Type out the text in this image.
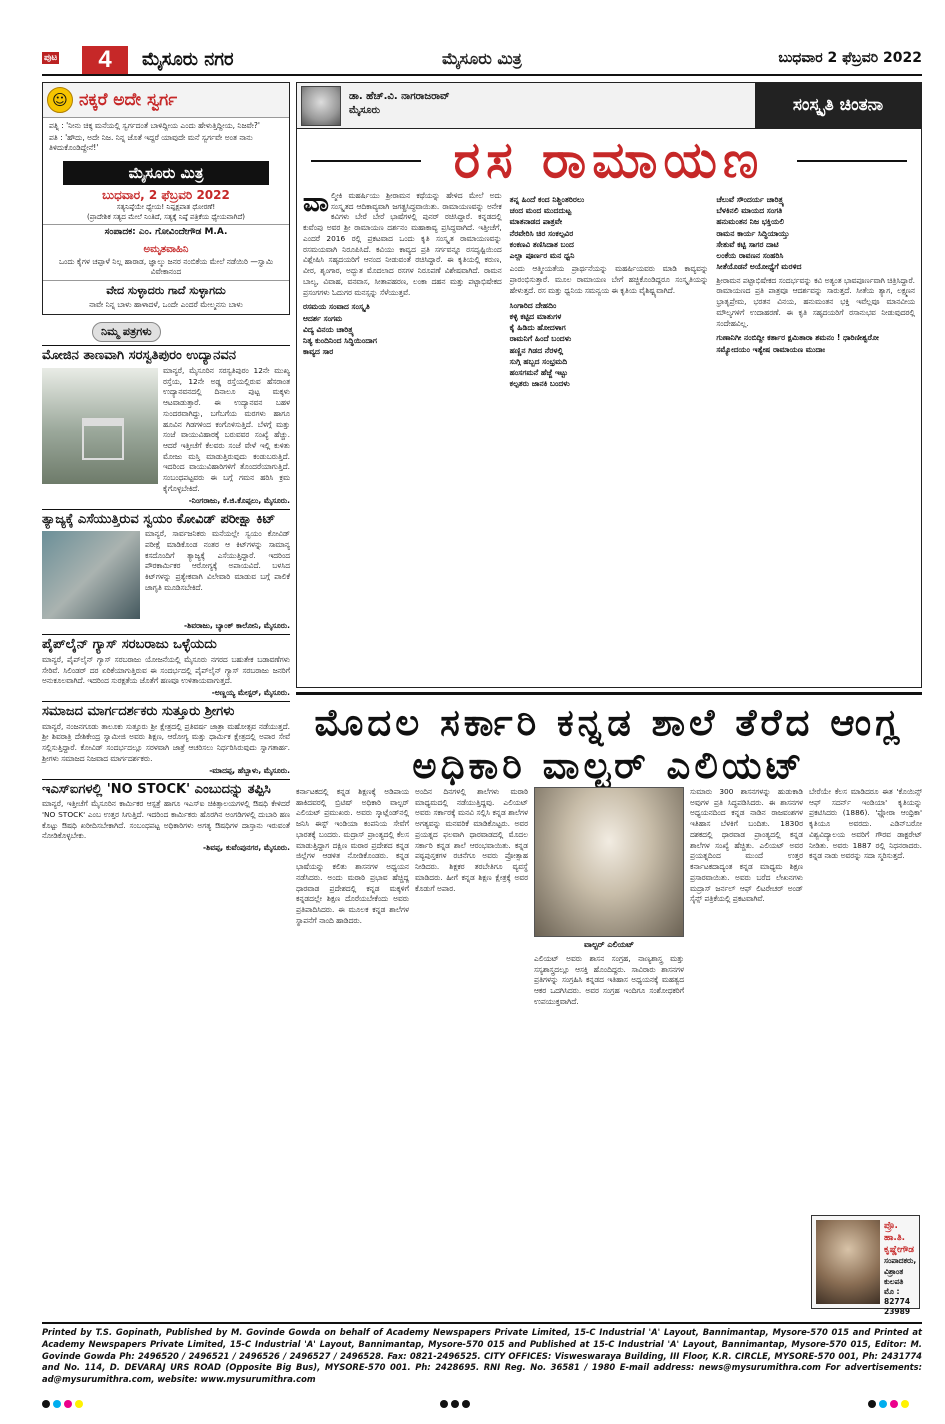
ಪುಟ	4	ಮೈಸೂರು ನಗರ	ಮೈಸೂರು ಮಿತ್ರ	ಬುಧವಾರ 2 ಫೆಬ್ರವರಿ 2022
☺ ನಕ್ಕರೆ ಅದೇ ಸ್ವರ್ಗ

ಪತ್ನಿ : 'ನೀನು ಚಿಕ್ಕ ಮನೆಯಲ್ಲಿ ಸ್ವರ್ಗದಂತೆ ಬಾಳಿದ್ದೀಯ ಎಂದು ಹೇಳುತ್ತಿದ್ದೀಯ, ನಿಜವೇ?'

ಪತಿ : 'ಹೌದು, ಅದೇ ನಿಜ. ನಿನ್ನ ಜೊತೆ ಇದ್ದರೆ ಯಾವುದೇ ಮನೆ ಸ್ವರ್ಗವೇ ಅಂತ ನಾನು ತಿಳಿದುಕೊಂಡಿದ್ದೇನೆ!'

ಮೈಸೂರು ಮಿತ್ರ
ಬುಧವಾರ, 2 ಫೆಬ್ರವರಿ 2022
ಸತ್ಯನಿಷ್ಠೆಯೇ ಧ್ಯೇಯ! ನಿಷ್ಪಕ್ಷಪಾತ ಧೋರಣೆ!
(ಪ್ರಾದೇಶಿಕ ಸತ್ಯದ ಮೇಲೆ ನಿಂತಿದೆ, ಸತ್ಯಕ್ಕೆ ನಿಷ್ಠೆ ಪತ್ರಿಕೆಯ ಧ್ಯೇಯವಾಗಿದೆ)
ಸಂಪಾದಕ: ಎಂ. ಗೋವಿಂದೇಗೌಡ M.A.
ಅಮೃತವಾಹಿನಿ
ಒಂದು ಕೈಗಳ ಚಪ್ಪಾಳೆ ನಿಲ್ಲ ಹಾರಾಡ, ಜ್ಞಾಲ್ಕು ಜನರ ನಂಬಿಕೆಯ ಮೇಲೆ ನಡೆಯಿರಿ —ಸ್ವಾಮಿ ವಿವೇಕಾನಂದ
ವೇದ ಸುಳ್ಳಾದರು ಗಾದೆ ಸುಳ್ಳಾಗದು
ನಾವೇ ನಿನ್ನ ಬಾಳು ಹಾಳಾದಳೆ, ಒಂದೇ ಎಂದರೆ ಮೇಲ್ಮನಸು ಬಾಳು
ನಿಮ್ಮ ಪತ್ರಗಳು
ಮೋಜಿನ ತಾಣವಾಗಿ ಸರಸ್ವತಿಪುರಂ ಉದ್ಯಾನವನ
ಮಾನ್ಯರೆ, ಮೈಸೂರಿನ ಸರಸ್ವತಿಪುರಂ 12ನೇ ಮುಖ್ಯ ರಸ್ತೆಯ, 12ನೇ ಅಡ್ಡ ರಸ್ತೆಯಲ್ಲಿರುವ ಹೆಸರಾಂತ ಉದ್ಯಾನವನದಲ್ಲಿ ದಿನಾಲೂ ಪುಟ್ಟ ಮಕ್ಕಳು ಆಟವಾಡುತ್ತಾರೆ. ಈ ಉದ್ಯಾನವನ ಬಹಳ ಸುಂದರವಾಗಿದ್ದು, ಬಗೆಬಗೆಯ ಮರಗಳು ಹಾಗೂ ಹೂವಿನ ಗಿಡಗಳಿಂದ ಕಂಗೊಳಿಸುತ್ತಿದೆ. ಬೆಳಗ್ಗೆ ಮತ್ತು ಸಂಜೆ ವಾಯುವಿಹಾರಕ್ಕೆ ಬರುವವರ ಸಂಖ್ಯೆ ಹೆಚ್ಚು. ಆದರೆ ಇತ್ತೀಚೆಗೆ ಕೆಲವರು ಸಂಜೆ ವೇಳೆ ಇಲ್ಲಿ ಕುಳಿತು ಮೋಜು ಮಸ್ತಿ ಮಾಡುತ್ತಿರುವುದು ಕಂಡುಬರುತ್ತಿದೆ. ಇದರಿಂದ ವಾಯುವಿಹಾರಿಗಳಿಗೆ ತೊಂದರೆಯಾಗುತ್ತಿದೆ. ಸಂಬಂಧಪಟ್ಟವರು ಈ ಬಗ್ಗೆ ಗಮನ ಹರಿಸಿ ಕ್ರಮ ಕೈಗೊಳ್ಳಬೇಕಿದೆ.
-ನಿಂಗರಾಜು, ಕೆ.ಜಿ.ಕೊಪ್ಪಲು, ಮೈಸೂರು.
ತ್ಯಾಜ್ಯಕ್ಕೆ ಎಸೆಯುತ್ತಿರುವ ಸ್ವಯಂ ಕೋವಿಡ್ ಪರೀಕ್ಷಾ ಕಿಟ್
ಮಾನ್ಯರೆ, ಸಾರ್ವಜನಿಕರು ಮನೆಯಲ್ಲೇ ಸ್ವಯಂ ಕೋವಿಡ್ ಪರೀಕ್ಷೆ ಮಾಡಿಕೊಂಡ ನಂತರ ಆ ಕಿಟ್‌ಗಳನ್ನು ಸಾಮಾನ್ಯ ಕಸದೊಂದಿಗೆ ತ್ಯಾಜ್ಯಕ್ಕೆ ಎಸೆಯುತ್ತಿದ್ದಾರೆ. ಇದರಿಂದ ಪೌರಕಾರ್ಮಿಕರ ಆರೋಗ್ಯಕ್ಕೆ ಅಪಾಯವಿದೆ. ಬಳಸಿದ ಕಿಟ್‌ಗಳನ್ನು ಪ್ರತ್ಯೇಕವಾಗಿ ವಿಲೇವಾರಿ ಮಾಡುವ ಬಗ್ಗೆ ಪಾಲಿಕೆ ಜಾಗೃತಿ ಮೂಡಿಸಬೇಕಿದೆ.
-ಶಿವರಾಜು, ಬ್ಯಾಂಕ್ ಕಾಲೋನಿ, ಮೈಸೂರು.
ಪೈಪ್‌ಲೈನ್ ಗ್ಯಾಸ್ ಸರಬರಾಜು ಒಳ್ಳೆಯದು
ಮಾನ್ಯರೆ, ಪೈಪ್‌ಲೈನ್ ಗ್ಯಾಸ್ ಸರಬರಾಜು ಯೋಜನೆಯಲ್ಲಿ ಮೈಸೂರು ನಗರದ ಬಹುತೇಕ ಬಡಾವಣೆಗಳು ಸೇರಿವೆ. ಸಿಲಿಂಡರ್ ದರ ಏರಿಕೆಯಾಗುತ್ತಿರುವ ಈ ಸಂದರ್ಭದಲ್ಲಿ ಪೈಪ್‌ಲೈನ್ ಗ್ಯಾಸ್ ಸರಬರಾಜು ಜನರಿಗೆ ಅನುಕೂಲವಾಗಿದೆ. ಇದರಿಂದ ಸುರಕ್ಷತೆಯ ಜೊತೆಗೆ ಹಣವೂ ಉಳಿತಾಯವಾಗುತ್ತದೆ.
-ಅಣ್ಣಯ್ಯ ಮೇಸ್ಟರ್, ಮೈಸೂರು.
ಸಮಾಜದ ಮಾರ್ಗದರ್ಶಕರು ಸುತ್ತೂರು ಶ್ರೀಗಳು
ಮಾನ್ಯರೆ, ನಂಜನಗೂಡು ತಾಲೂಕು ಸುತ್ತೂರು ಶ್ರೀ ಕ್ಷೇತ್ರದಲ್ಲಿ ಪ್ರತಿವರ್ಷ ಜಾತ್ರಾ ಮಹೋತ್ಸವ ನಡೆಯುತ್ತದೆ. ಶ್ರೀ ಶಿವರಾತ್ರಿ ದೇಶಿಕೇಂದ್ರ ಸ್ವಾಮೀಜಿ ಅವರು ಶಿಕ್ಷಣ, ಆರೋಗ್ಯ ಮತ್ತು ಧಾರ್ಮಿಕ ಕ್ಷೇತ್ರದಲ್ಲಿ ಅಪಾರ ಸೇವೆ ಸಲ್ಲಿಸುತ್ತಿದ್ದಾರೆ. ಕೋವಿಡ್ ಸಂದರ್ಭದಲ್ಲೂ ಸರಳವಾಗಿ ಜಾತ್ರೆ ಆಚರಿಸಲು ನಿರ್ಧರಿಸಿರುವುದು ಸ್ವಾಗತಾರ್ಹ. ಶ್ರೀಗಳು ಸಮಾಜದ ನಿಜವಾದ ಮಾರ್ಗದರ್ಶಕರು.
-ಮಾದಪ್ಪ, ಹೆಬ್ಬಾಳು, ಮೈಸೂರು.
ಇಎಸ್‌ಐಗಳಲ್ಲಿ 'NO STOCK' ಎಂಬುದನ್ನು ತಪ್ಪಿಸಿ
ಮಾನ್ಯರೆ, ಇತ್ತೀಚೆಗೆ ಮೈಸೂರಿನ ಕಾರ್ಮಿಕರ ಆಸ್ಪತ್ರೆ ಹಾಗೂ ಇಎಸ್‌ಐ ಚಿಕಿತ್ಸಾಲಯಗಳಲ್ಲಿ ಔಷಧಿ ಕೇಳಿದರೆ 'NO STOCK' ಎಂಬ ಉತ್ತರ ಸಿಗುತ್ತಿದೆ. ಇದರಿಂದ ಕಾರ್ಮಿಕರು ಹೊರಗಿನ ಅಂಗಡಿಗಳಲ್ಲಿ ದುಬಾರಿ ಹಣ ಕೊಟ್ಟು ಔಷಧಿ ಖರೀದಿಸಬೇಕಾಗಿದೆ. ಸಂಬಂಧಪಟ್ಟ ಅಧಿಕಾರಿಗಳು ಅಗತ್ಯ ಔಷಧಿಗಳ ದಾಸ್ತಾನು ಇರುವಂತೆ ನೋಡಿಕೊಳ್ಳಬೇಕು.
-ಶಿವಪ್ಪ, ಕುವೆಂಪುನಗರ, ಮೈಸೂರು.
ಡಾ. ಹೆಚ್.ವಿ. ನಾಗರಾಜರಾವ್
ಮೈಸೂರು	ಸಂಸ್ಕೃತಿ ಚಿಂತನಾ
ರಸ ರಾಮಾಯಣ
ವಾ ಲ್ಮೀಕಿ ಮಹರ್ಷಿಯು ಶ್ರೀರಾಮನ ಕಥೆಯನ್ನು ಹೇಳಿದ ಮೇಲೆ ಅದು ಸಂಸ್ಕೃತದ ಆದಿಕಾವ್ಯವಾಗಿ ಜಗತ್ಪ್ರಸಿದ್ಧವಾಯಿತು. ರಾಮಾಯಣವನ್ನು ಅನೇಕ ಕವಿಗಳು ಬೇರೆ ಬೇರೆ ಭಾಷೆಗಳಲ್ಲಿ ಪುನರ್ ರಚಿಸಿದ್ದಾರೆ. ಕನ್ನಡದಲ್ಲಿ ಕುವೆಂಪು ಅವರ ಶ್ರೀ ರಾಮಾಯಣ ದರ್ಶನಂ ಮಹಾಕಾವ್ಯ ಪ್ರಸಿದ್ಧವಾಗಿದೆ. ಇತ್ತೀಚೆಗೆ, ಎಂದರೆ 2016 ರಲ್ಲಿ ಪ್ರಕಟವಾದ ಒಂದು ಕೃತಿ ಸಂಸ್ಕೃತ ರಾಮಾಯಣವನ್ನು ರಸಮಯವಾಗಿ ನಿರೂಪಿಸಿದೆ. ಕವಿಯು ಕಾವ್ಯದ ಪ್ರತಿ ಸರ್ಗವನ್ನೂ ರಸದೃಷ್ಟಿಯಿಂದ ವಿಶ್ಲೇಷಿಸಿ ಸಹೃದಯರಿಗೆ ಆನಂದ ನೀಡುವಂತೆ ರಚಿಸಿದ್ದಾರೆ. ಈ ಕೃತಿಯಲ್ಲಿ ಕರುಣ, ವೀರ, ಶೃಂಗಾರ, ಅದ್ಭುತ ಮೊದಲಾದ ರಸಗಳ ನಿರೂಪಣೆ ವಿಶೇಷವಾಗಿದೆ. ರಾಮನ ಬಾಲ್ಯ, ವಿವಾಹ, ವನವಾಸ, ಸೀತಾಪಹರಣ, ಲಂಕಾ ದಹನ ಮತ್ತು ಪಟ್ಟಾಭಿಷೇಕದ ಪ್ರಸಂಗಗಳು ಓದುಗರ ಮನಸ್ಸನ್ನು ಸೆಳೆಯುತ್ತವೆ.
ರಸಮಯ ಸಂವಾದ ಸಂಸ್ಕೃತಿ
ಆದರ್ಶ ಸಂಗಮ
ವಿದ್ಯ ವಿನಯ ಚಾರಿತ್ರ್ಯ
ನಿತ್ಯ ಕುಂದಿನಿಂದ ಸಿದ್ಧಿಯಿಂದಾಗ
ಕಾವ್ಯದ ಸಾರ
ತನ್ನ ಹಿಂದೆ ಕಂದ ನಿಶ್ಚಿಂತರಿರಲು
ಚಂದ ಮಂದ ಮುದದುಟ್ಟ
ಮಾತನಾಡದ ಪಾತ್ರವೇ
ನೆರವೇರಿಸಿ ಚಿರ ಸಂಕಲ್ಪವಿರ
ಕಂಕಣವಿ ತಣಿಸಿದಾತ ಬಂದ
ಎಲ್ಲಾ ಪೂರ್ಣರ ಮನ ಧ್ವನಿ
ಎಂದು ಆತ್ಮೀಯತೆಯ ಪ್ರಾರ್ಥನೆಯನ್ನು ಮಹರ್ಷಿಯವರು ಮಾಡಿ ಕಾವ್ಯವನ್ನು ಪ್ರಾರಂಭಿಸುತ್ತಾರೆ. ಮೂಲ ರಾಮಾಯಣ ಬೇಗೆ ಹಚ್ಚಿಕೊಂಡಿದ್ದರೂ ಸಂಸ್ಕೃತಿಯನ್ನು ಹೇಳುತ್ತದೆ. ರಸ ಮತ್ತು ಧ್ವನಿಯ ಸಮನ್ವಯ ಈ ಕೃತಿಯ ವೈಶಿಷ್ಟ್ಯವಾಗಿದೆ.
ಸಿಂಗಾರಿದ ದೇಹದಿಂ
ಕಳ್ಳಿ ಕಟ್ಟಿದ ಮಾತುಗಳ
ಕೈ ಹಿಡಿದು ಹೋದಳಾಗ
ರಾಮನಿಗೆ ಹಿಂದೆ ಬಂದಳು
ಹಣ್ಣಿನ ಗಿಡದ ನೆರಳಲ್ಲಿ
ಸುಗ್ಗಿ ಹಬ್ಬದ ಸಂಭ್ರಮದಿ
ಹಂಸಗಮನೆ ಹೆಜ್ಜೆ ಇಟ್ಟು
ಕಲ್ಪತರು ಜಾನಕಿ ಬಂದಳು
ಚೆಲುವೆ ಸೌಂದರ್ಯ ಚಾರಿತ್ರ್ಯ
ಬೆಳಕಿನಲಿ ಮಾಯದ ಸಂಗತಿ
ಹನುಮಂತನ ನಿಜ ಭಕ್ತಿಯಲಿ
ರಾಮನ ಕಾರ್ಯ ಸಿದ್ಧಿಯಾಯ್ತು
ಸೇತುವೆ ಕಟ್ಟಿ ಸಾಗರ ದಾಟಿ
ಲಂಕೆಯ ರಾವಣನ ಸಂಹರಿಸಿ
ಸೀತೆಯೊಡನೆ ಅಯೋಧ್ಯೆಗೆ ಮರಳಿದ
ಶ್ರೀರಾಮನ ಪಟ್ಟಾಭಿಷೇಕದ ಸಂದರ್ಭವನ್ನು ಕವಿ ಅತ್ಯಂತ ಭಾವಪೂರ್ಣವಾಗಿ ಚಿತ್ರಿಸಿದ್ದಾರೆ. ರಾಮಾಯಣದ ಪ್ರತಿ ಪಾತ್ರವೂ ಆದರ್ಶವನ್ನು ಸಾರುತ್ತದೆ. ಸೀತೆಯ ತ್ಯಾಗ, ಲಕ್ಷ್ಮಣನ ಭ್ರಾತೃಪ್ರೇಮ, ಭರತನ ವಿನಯ, ಹನುಮಂತನ ಭಕ್ತಿ ಇವೆಲ್ಲವೂ ಮಾನವೀಯ ಮೌಲ್ಯಗಳಿಗೆ ಉದಾಹರಣೆ. ಈ ಕೃತಿ ಸಹೃದಯರಿಗೆ ರಸಾನುಭವ ನೀಡುವುದರಲ್ಲಿ ಸಂದೇಹವಿಲ್ಲ.
ಗುಣಾನಿಗೀ ನಂಬಿದ್ದೀ ಕರ್ತಾರ ಕ್ಷಮಿತಾರಾ ಶಮನಂ ! ಧಾರಿಣೀಶ್ವರೋ ಸಮ್ಯೋದಯಂ ಇತ್ಯೇಷ ರಾಮಾಯಣ ಮುದಾಃ
ಮೊದಲ ಸರ್ಕಾರಿ ಕನ್ನಡ ಶಾಲೆ ತೆರೆದ ಆಂಗ್ಲ ಅಧಿಕಾರಿ ವಾಲ್ಟರ್ ಎಲಿಯಟ್
ಕರ್ನಾಟಕದಲ್ಲಿ ಕನ್ನಡ ಶಿಕ್ಷಣಕ್ಕೆ ಅಡಿಪಾಯ ಹಾಕಿದವರಲ್ಲಿ ಬ್ರಿಟಿಷ್ ಅಧಿಕಾರಿ ವಾಲ್ಟರ್ ಎಲಿಯಟ್ ಪ್ರಮುಖರು. ಅವರು ಸ್ಕಾಟ್ಲೆಂಡ್‌ನಲ್ಲಿ ಜನಿಸಿ ಈಸ್ಟ್ ಇಂಡಿಯಾ ಕಂಪನಿಯ ಸೇವೆಗೆ ಭಾರತಕ್ಕೆ ಬಂದರು. ಮದ್ರಾಸ್ ಪ್ರಾಂತ್ಯದಲ್ಲಿ ಕೆಲಸ ಮಾಡುತ್ತಿದ್ದಾಗ ದಕ್ಷಿಣ ಮರಾಠ ಪ್ರದೇಶದ ಕನ್ನಡ ಜಿಲ್ಲೆಗಳ ಆಡಳಿತ ನೋಡಿಕೊಂಡರು. ಕನ್ನಡ ಭಾಷೆಯನ್ನು ಕಲಿತು ಶಾಸನಗಳ ಅಧ್ಯಯನ ನಡೆಸಿದರು. ಅಂದು ಮರಾಠಿ ಪ್ರಭಾವ ಹೆಚ್ಚಿದ್ದ ಧಾರವಾಡ ಪ್ರದೇಶದಲ್ಲಿ ಕನ್ನಡ ಮಕ್ಕಳಿಗೆ ಕನ್ನಡದಲ್ಲೇ ಶಿಕ್ಷಣ ದೊರೆಯಬೇಕೆಂದು ಅವರು ಪ್ರತಿಪಾದಿಸಿದರು. ಈ ಮೂಲಕ ಕನ್ನಡ ಶಾಲೆಗಳ ಸ್ಥಾಪನೆಗೆ ನಾಂದಿ ಹಾಡಿದರು.
ಅಂದಿನ ದಿನಗಳಲ್ಲಿ ಶಾಲೆಗಳು ಮರಾಠಿ ಮಾಧ್ಯಮದಲ್ಲಿ ನಡೆಯುತ್ತಿದ್ದವು. ಎಲಿಯಟ್ ಅವರು ಸರ್ಕಾರಕ್ಕೆ ಮನವಿ ಸಲ್ಲಿಸಿ ಕನ್ನಡ ಶಾಲೆಗಳ ಅಗತ್ಯವನ್ನು ಮನವರಿಕೆ ಮಾಡಿಕೊಟ್ಟರು. ಅವರ ಪ್ರಯತ್ನದ ಫಲವಾಗಿ ಧಾರವಾಡದಲ್ಲಿ ಮೊದಲ ಸರ್ಕಾರಿ ಕನ್ನಡ ಶಾಲೆ ಆರಂಭವಾಯಿತು. ಕನ್ನಡ ಪಠ್ಯಪುಸ್ತಕಗಳ ರಚನೆಗೂ ಅವರು ಪ್ರೋತ್ಸಾಹ ನೀಡಿದರು. ಶಿಕ್ಷಕರ ತರಬೇತಿಗೂ ವ್ಯವಸ್ಥೆ ಮಾಡಿದರು. ಹೀಗೆ ಕನ್ನಡ ಶಿಕ್ಷಣ ಕ್ಷೇತ್ರಕ್ಕೆ ಅವರ ಕೊಡುಗೆ ಅಪಾರ.
ವಾಲ್ಟರ್ ಎಲಿಯಟ್
ಎಲಿಯಟ್ ಅವರು ಶಾಸನ ಸಂಗ್ರಹ, ನಾಣ್ಯಶಾಸ್ತ್ರ ಮತ್ತು ಸಸ್ಯಶಾಸ್ತ್ರದಲ್ಲೂ ಆಸಕ್ತಿ ಹೊಂದಿದ್ದರು. ಸಾವಿರಾರು ಶಾಸನಗಳ ಪ್ರತಿಗಳನ್ನು ಸಂಗ್ರಹಿಸಿ ಕನ್ನಡದ ಇತಿಹಾಸ ಅಧ್ಯಯನಕ್ಕೆ ಮಹತ್ವದ ಆಕರ ಒದಗಿಸಿದರು. ಅವರ ಸಂಗ್ರಹ ಇಂದಿಗೂ ಸಂಶೋಧಕರಿಗೆ ಉಪಯುಕ್ತವಾಗಿದೆ.
ಸುಮಾರು 300 ಶಾಸನಗಳನ್ನು ಹುಡುಕಾಡಿ ಅವುಗಳ ಪ್ರತಿ ಸಿದ್ಧಪಡಿಸಿದರು. ಈ ಶಾಸನಗಳ ಅಧ್ಯಯನದಿಂದ ಕನ್ನಡ ನಾಡಿನ ರಾಜವಂಶಗಳ ಇತಿಹಾಸ ಬೆಳಕಿಗೆ ಬಂದಿತು. 1830ರ ದಶಕದಲ್ಲಿ ಧಾರವಾಡ ಪ್ರಾಂತ್ಯದಲ್ಲಿ ಕನ್ನಡ ಶಾಲೆಗಳ ಸಂಖ್ಯೆ ಹೆಚ್ಚಿತು. ಎಲಿಯಟ್ ಅವರ ಪ್ರಯತ್ನದಿಂದ ಮುಂದೆ ಉತ್ತರ ಕರ್ನಾಟಕದಾದ್ಯಂತ ಕನ್ನಡ ಮಾಧ್ಯಮ ಶಿಕ್ಷಣ ಪ್ರಸಾರವಾಯಿತು. ಅವರು ಬರೆದ ಲೇಖನಗಳು ಮದ್ರಾಸ್ ಜರ್ನಲ್ ಆಫ್ ಲಿಟರೇಚರ್ ಅಂಡ್ ಸೈನ್ಸ್ ಪತ್ರಿಕೆಯಲ್ಲಿ ಪ್ರಕಟವಾಗಿವೆ.
ಬೇರೆಯೇ ಕೆಲಸ ಮಾಡಿದರೂ ಈತ 'ಕೊಯಿನ್ಸ್ ಆಫ್ ಸದರ್ನ್ ಇಂಡಿಯಾ' ಕೃತಿಯನ್ನು ಪ್ರಕಟಿಸಿದರು (1886). 'ಫ್ಲೋರಾ ಆಂಧ್ರಿಕಾ' ಕೃತಿಯೂ ಅವರದು. ಎಡಿನ್‌ಬರೋ ವಿಶ್ವವಿದ್ಯಾಲಯ ಅವರಿಗೆ ಗೌರವ ಡಾಕ್ಟರೇಟ್ ನೀಡಿತು. ಅವರು 1887 ರಲ್ಲಿ ನಿಧನರಾದರು. ಕನ್ನಡ ನಾಡು ಅವರನ್ನು ಸದಾ ಸ್ಮರಿಸುತ್ತದೆ.
ಪ್ರೊ. ಹಾ.ತಿ. ಕೃಷ್ಣೇಗೌಡ
ಸಂಪಾದಕರು, ವಿಶ್ರಾಂತ ಕುಲಪತಿ
ಮೊ : 82774 23989
Printed by T.S. Gopinath, Published by M. Govinde Gowda on behalf of Academy Newspapers Private Limited, 15-C Industrial 'A' Layout, Bannimantap, Mysore-570 015 and Printed at Academy Newspapers Private Limited, 15-C Industrial 'A' Layout, Bannimantap, Mysore-570 015 and Published at 15-C Industrial 'A' Layout, Bannimantap, Mysore-570 015, Editor: M. Govinde Gowda Ph: 2496520 / 2496521 / 2496526 / 2496527 / 2496528. Fax: 0821-2496525. CITY OFFICES: Visweswaraya Building, III Floor, K.R. CIRCLE, MYSORE-570 001, Ph: 2431774 and No. 114, D. DEVARAJ URS ROAD (Opposite Big Bus), MYSORE-570 001. Ph: 2428695. RNI Reg. No. 36581 / 1980 E-mail address: news@mysurumithra.com For advertisements: ad@mysurumithra.com, website: www.mysurumithra.com
